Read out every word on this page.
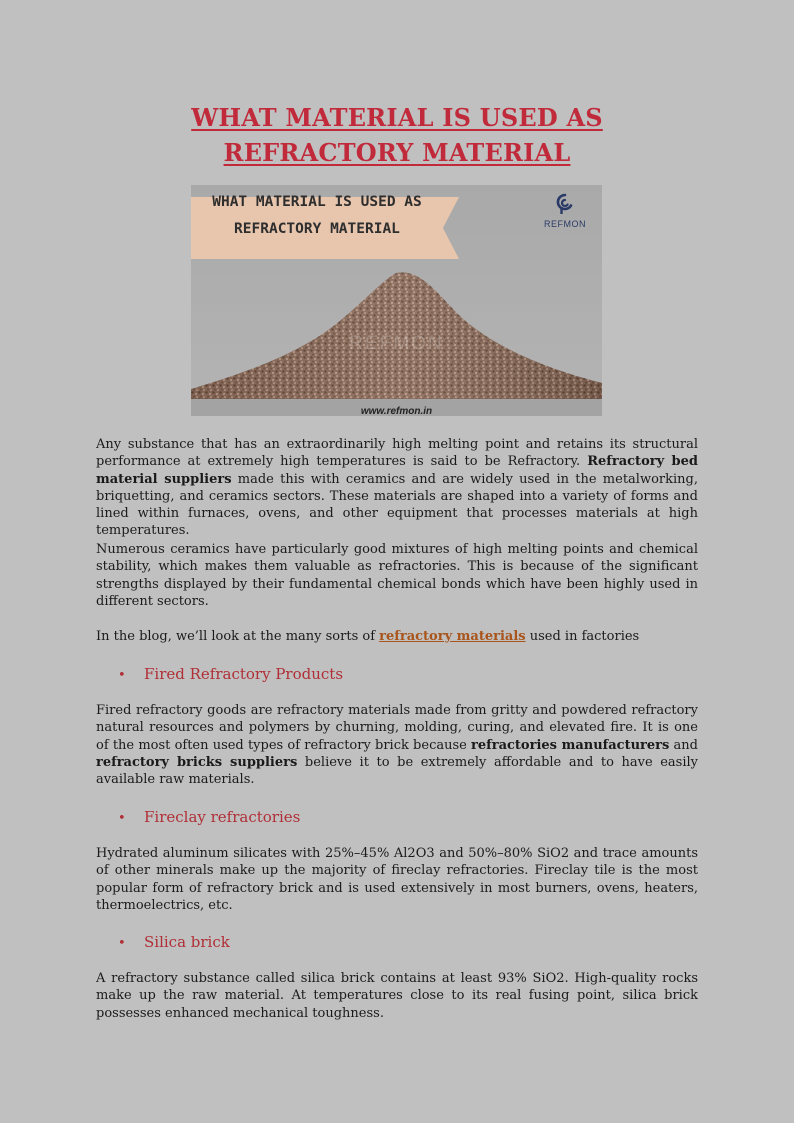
WHAT MATERIAL IS USED AS REFRACTORY MATERIAL
WHAT MATERIAL IS USED AS
REFRACTORY MATERIAL	REFMON
REFMON
www.refmon.in
Any substance that has an extraordinarily high melting point and retains its structural performance at extremely high temperatures is said to be Refractory. Refractory bed material suppliers made this with ceramics and are widely used in the metalworking, briquetting, and ceramics sectors. These materials are shaped into a variety of forms and lined within furnaces, ovens, and other equipment that processes materials at high temperatures.
Numerous ceramics have particularly good mixtures of high melting points and chemical stability, which makes them valuable as refractories. This is because of the significant strengths displayed by their fundamental chemical bonds which have been highly used in different sectors.
In the blog, we’ll look at the many sorts of refractory materials used in factories
• Fired Refractory Products
Fired refractory goods are refractory materials made from gritty and powdered refractory natural resources and polymers by churning, molding, curing, and elevated fire. It is one of the most often used types of refractory brick because refractories manufacturers and refractory bricks suppliers believe it to be extremely affordable and to have easily available raw materials.
• Fireclay refractories
Hydrated aluminum silicates with 25%–45% Al2O3 and 50%–80% SiO2 and trace amounts of other minerals make up the majority of fireclay refractories. Fireclay tile is the most popular form of refractory brick and is used extensively in most burners, ovens, heaters, thermoelectrics, etc.
• Silica brick
A refractory substance called silica brick contains at least 93% SiO2. High-quality rocks make up the raw material. At temperatures close to its real fusing point, silica brick possesses enhanced mechanical toughness.
